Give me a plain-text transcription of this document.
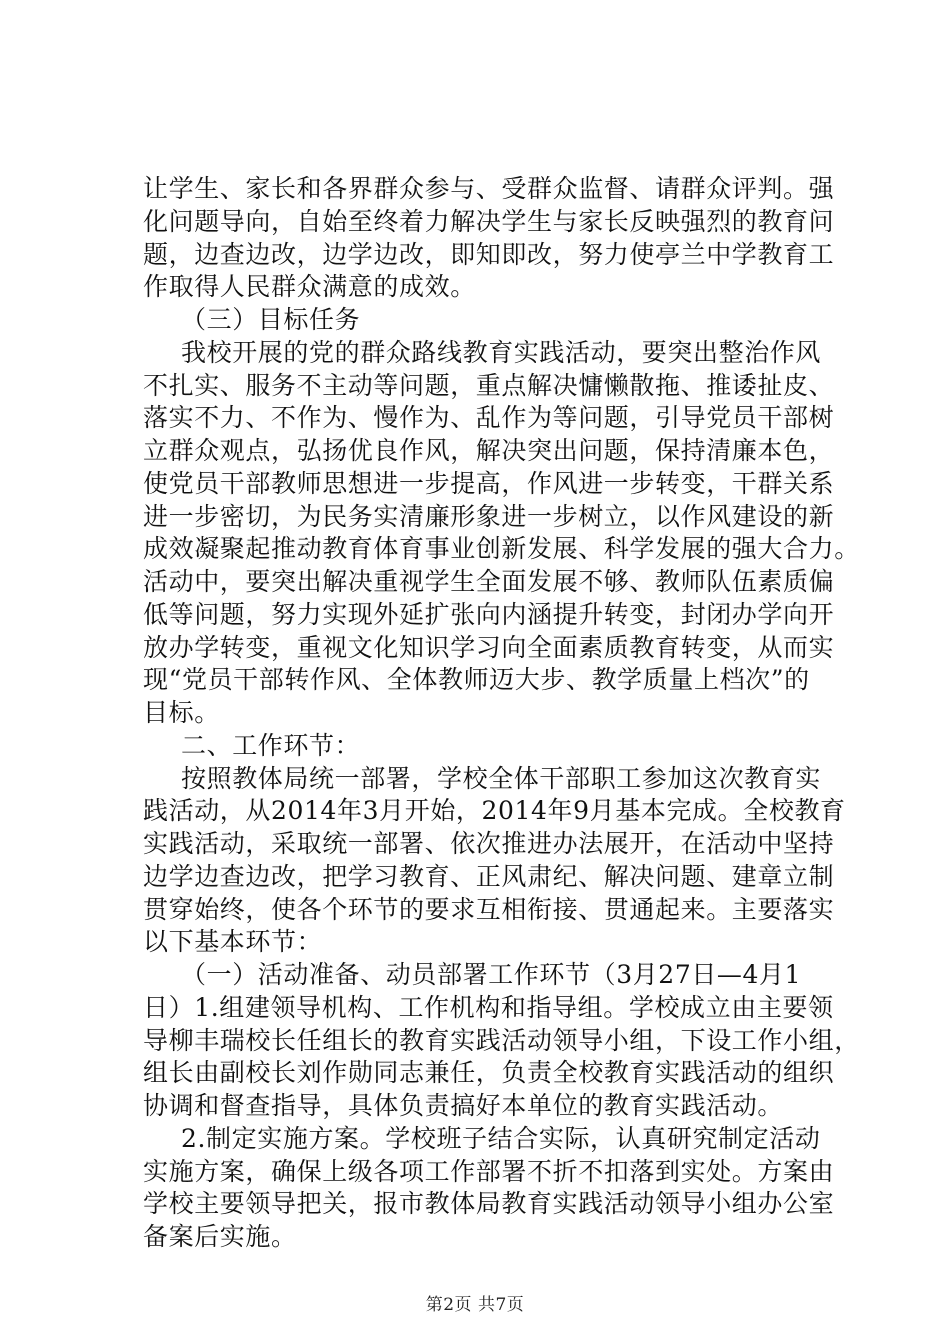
让学生、家长和各界群众参与、受群众监督、请群众评判。强
化问题导向，自始至终着力解决学生与家长反映强烈的教育问
题，边查边改，边学边改，即知即改，努力使亭兰中学教育工
作取得人民群众满意的成效。
（三）目标任务
我校开展的党的群众路线教育实践活动，要突出整治作风
不扎实、服务不主动等问题，重点解决慵懒散拖、推诿扯皮、
落实不力、不作为、慢作为、乱作为等问题，引导党员干部树
立群众观点，弘扬优良作风，解决突出问题，保持清廉本色，
使党员干部教师思想进一步提高，作风进一步转变，干群关系
进一步密切，为民务实清廉形象进一步树立，以作风建设的新
成效凝聚起推动教育体育事业创新发展、科学发展的强大合力。
活动中，要突出解决重视学生全面发展不够、教师队伍素质偏
低等问题，努力实现外延扩张向内涵提升转变，封闭办学向开
放办学转变，重视文化知识学习向全面素质教育转变，从而实
现“党员干部转作风、全体教师迈大步、教学质量上档次”的
目标。
二、工作环节：
按照教体局统一部署，学校全体干部职工参加这次教育实
践活动，从2014年3月开始，2014年9月基本完成。全校教育
实践活动，采取统一部署、依次推进办法展开，在活动中坚持
边学边查边改，把学习教育、正风肃纪、解决问题、建章立制
贯穿始终，使各个环节的要求互相衔接、贯通起来。主要落实
以下基本环节：
（一）活动准备、动员部署工作环节（3月27日—4月1
日）1.组建领导机构、工作机构和指导组。学校成立由主要领
导柳丰瑞校长任组长的教育实践活动领导小组，下设工作小组，
组长由副校长刘作勋同志兼任，负责全校教育实践活动的组织
协调和督查指导，具体负责搞好本单位的教育实践活动。
2.制定实施方案。学校班子结合实际，认真研究制定活动
实施方案，确保上级各项工作部署不折不扣落到实处。方案由
学校主要领导把关，报市教体局教育实践活动领导小组办公室
备案后实施。
第2页 共7页
